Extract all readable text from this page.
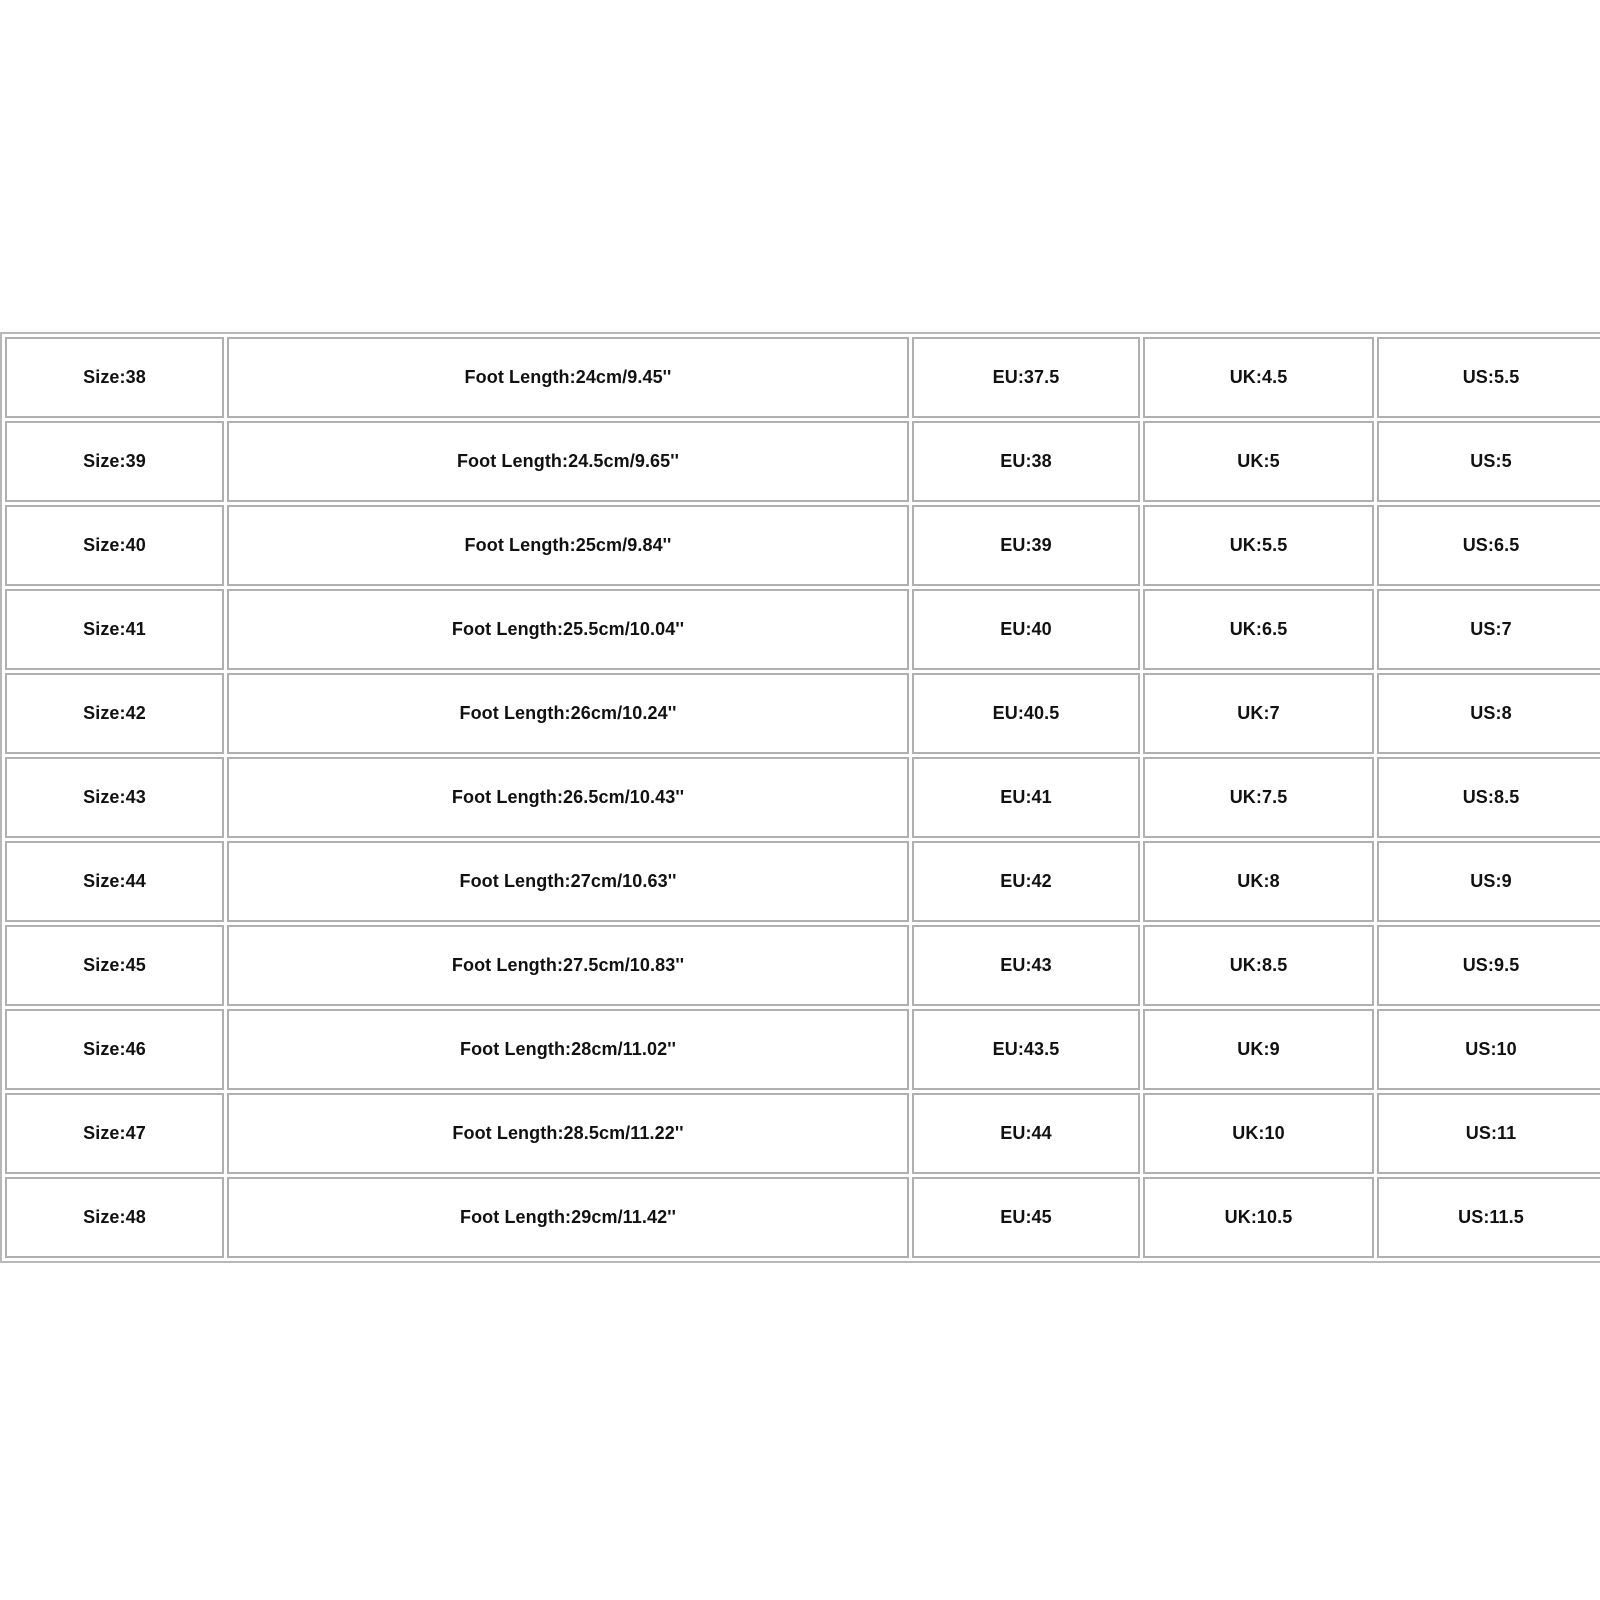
Size:38	Foot Length:24cm/9.45''	EU:37.5	UK:4.5	US:5.5
Size:39	Foot Length:24.5cm/9.65''	EU:38	UK:5	US:5
Size:40	Foot Length:25cm/9.84''	EU:39	UK:5.5	US:6.5
Size:41	Foot Length:25.5cm/10.04''	EU:40	UK:6.5	US:7
Size:42	Foot Length:26cm/10.24''	EU:40.5	UK:7	US:8
Size:43	Foot Length:26.5cm/10.43''	EU:41	UK:7.5	US:8.5
Size:44	Foot Length:27cm/10.63''	EU:42	UK:8	US:9
Size:45	Foot Length:27.5cm/10.83''	EU:43	UK:8.5	US:9.5
Size:46	Foot Length:28cm/11.02''	EU:43.5	UK:9	US:10
Size:47	Foot Length:28.5cm/11.22''	EU:44	UK:10	US:11
Size:48	Foot Length:29cm/11.42''	EU:45	UK:10.5	US:11.5
